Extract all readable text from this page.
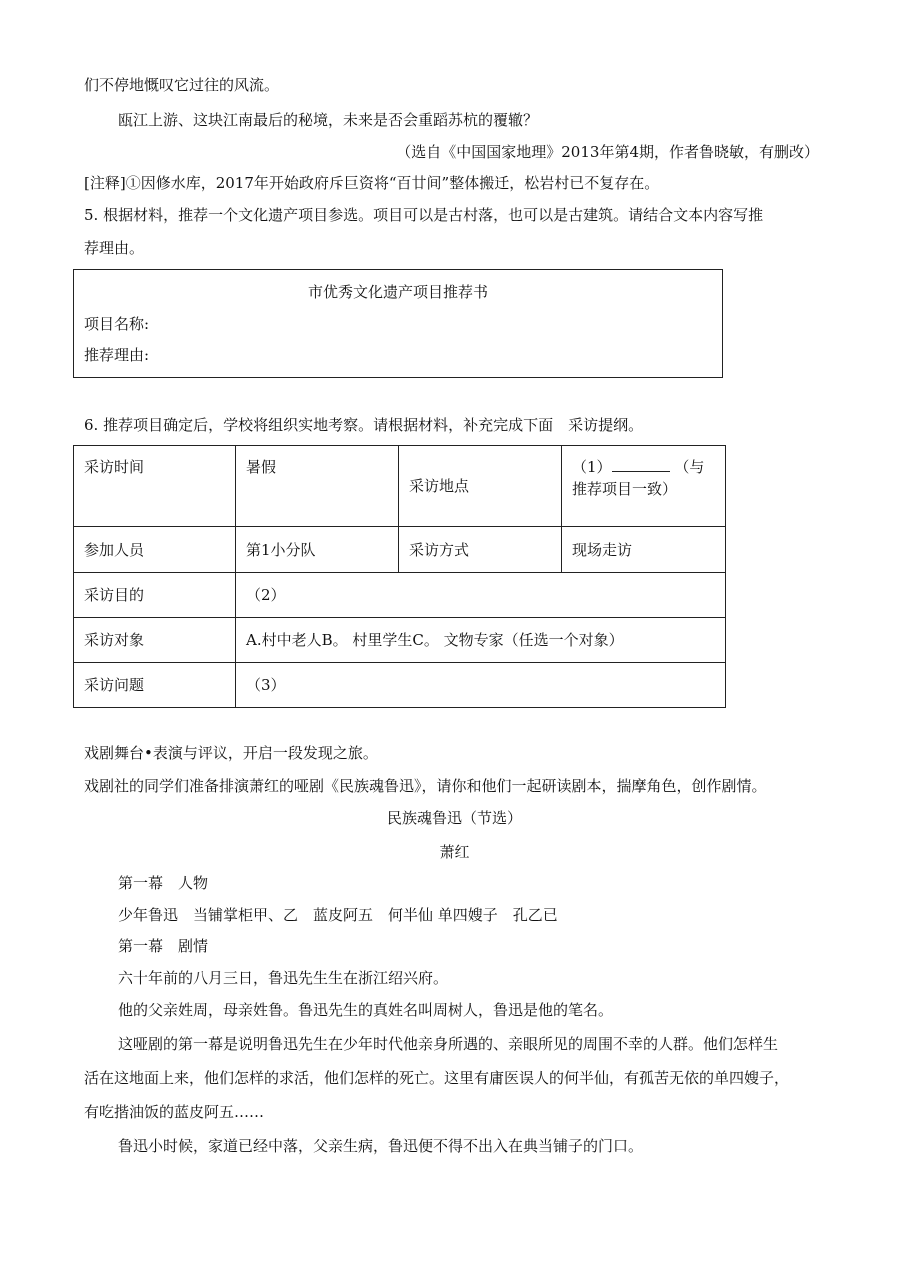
们不停地慨叹它过往的风流。
瓯江上游、这块江南最后的秘境，未来是否会重蹈苏杭的覆辙？
（选自《中国国家地理》2013年第4期，作者鲁晓敏，有删改）
[注释]①因修水库，2017年开始政府斥巨资将“百廿间”整体搬迁，松岩村已不复存在。
5. 根据材料，推荐一个文化遗产项目参选。项目可以是古村落，也可以是古建筑。请结合文本内容写推
荐理由。
市优秀文化遗产项目推荐书
项目名称:
推荐理由:
6. 推荐项目确定后，学校将组织实地考察。请根据材料，补充完成下面　采访提纲。
采访时间	暑假	采访地点	（1） （与
推荐项目一致）
参加人员	第1小分队	采访方式	现场走访
采访目的	（2）		
采访对象	A.村中老人B。 村里学生C。 文物专家（任选一个对象）		
采访问题	（3）		
戏剧舞台•表演与评议，开启一段发现之旅。
戏剧社的同学们准备排演萧红的哑剧《民族魂鲁迅》，请你和他们一起研读剧本，揣摩角色，创作剧情。
民族魂鲁迅（节选）
萧红
第一幕　人物
少年鲁迅　当铺掌柜甲、乙　蓝皮阿五　何半仙 单四嫂子　孔乙已
第一幕　剧情
六十年前的八月三日，鲁迅先生生在浙江绍兴府。
他的父亲姓周，母亲姓鲁。鲁迅先生的真姓名叫周树人，鲁迅是他的笔名。
这哑剧的第一幕是说明鲁迅先生在少年时代他亲身所遇的、亲眼所见的周围不幸的人群。他们怎样生
活在这地面上来，他们怎样的求活，他们怎样的死亡。这里有庸医误人的何半仙，有孤苦无依的单四嫂子，
有吃揩油饭的蓝皮阿五……
鲁迅小时候，家道已经中落，父亲生病，鲁迅便不得不出入在典当铺子的门口。
